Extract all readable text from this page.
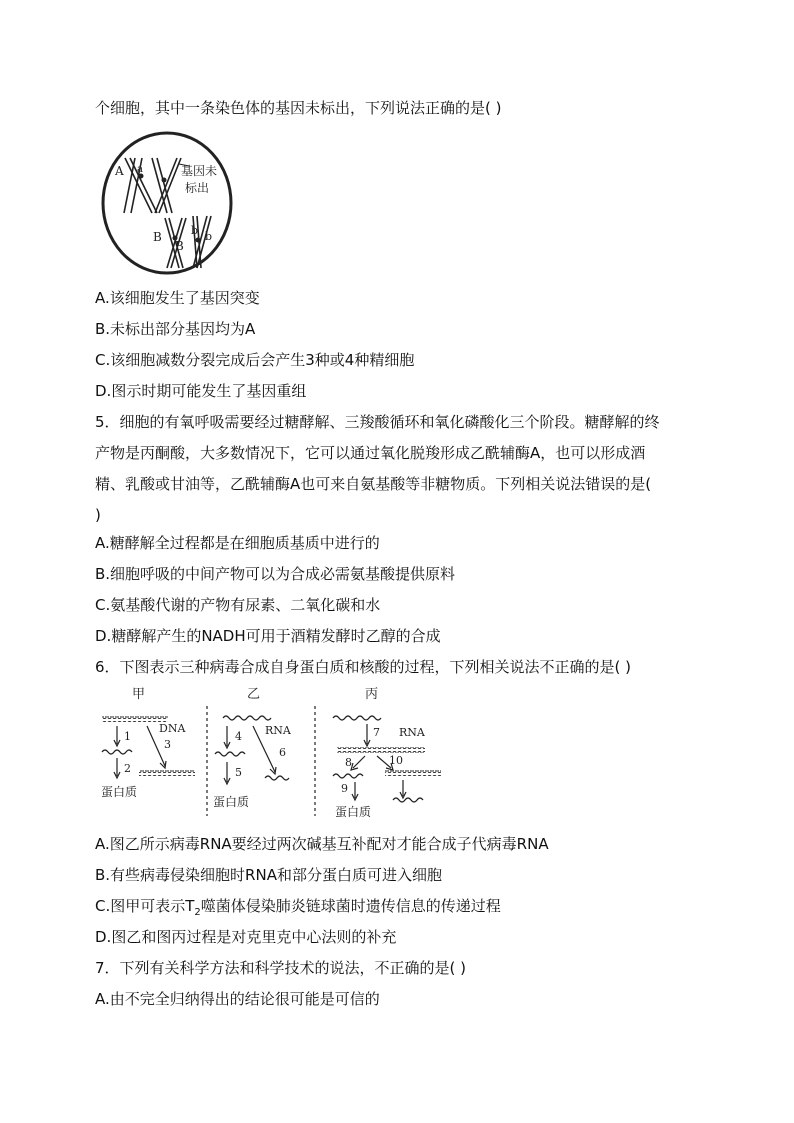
个细胞，其中一条染色体的基因未标出，下列说法正确的是( )
A a	基因未
标出
B
B
b b
A.该细胞发生了基因突变
B.未标出部分基因均为A
C.该细胞减数分裂完成后会产生3种或4种精细胞
D.图示时期可能发生了基因重组
5．细胞的有氧呼吸需要经过糖酵解、三羧酸循环和氧化磷酸化三个阶段。糖酵解的终
产物是丙酮酸，大多数情况下，它可以通过氧化脱羧形成乙酰辅酶A，也可以形成酒
精、乳酸或甘油等，乙酰辅酶A也可来自氨基酸等非糖物质。下列相关说法错误的是(
)
A.糖酵解全过程都是在细胞质基质中进行的
B.细胞呼吸的中间产物可以为合成必需氨基酸提供原料
C.氨基酸代谢的产物有尿素、二氧化碳和水
D.糖酵解产生的NADH可用于酒精发酵时乙醇的合成
6．下图表示三种病毒合成自身蛋白质和核酸的过程，下列相关说法不正确的是( )
甲	乙	丙
DNA
1
3
2
蛋白质
RNA
4
6
5
蛋白质
7 RNA
8	10
9
蛋白质
A.图乙所示病毒RNA要经过两次碱基互补配对才能合成子代病毒RNA
B.有些病毒侵染细胞时RNA和部分蛋白质可进入细胞
C.图甲可表示$T_2$噬菌体侵染肺炎链球菌时遗传信息的传递过程
D.图乙和图丙过程是对克里克中心法则的补充
7．下列有关科学方法和科学技术的说法，不正确的是( )
A.由不完全归纳得出的结论很可能是可信的
